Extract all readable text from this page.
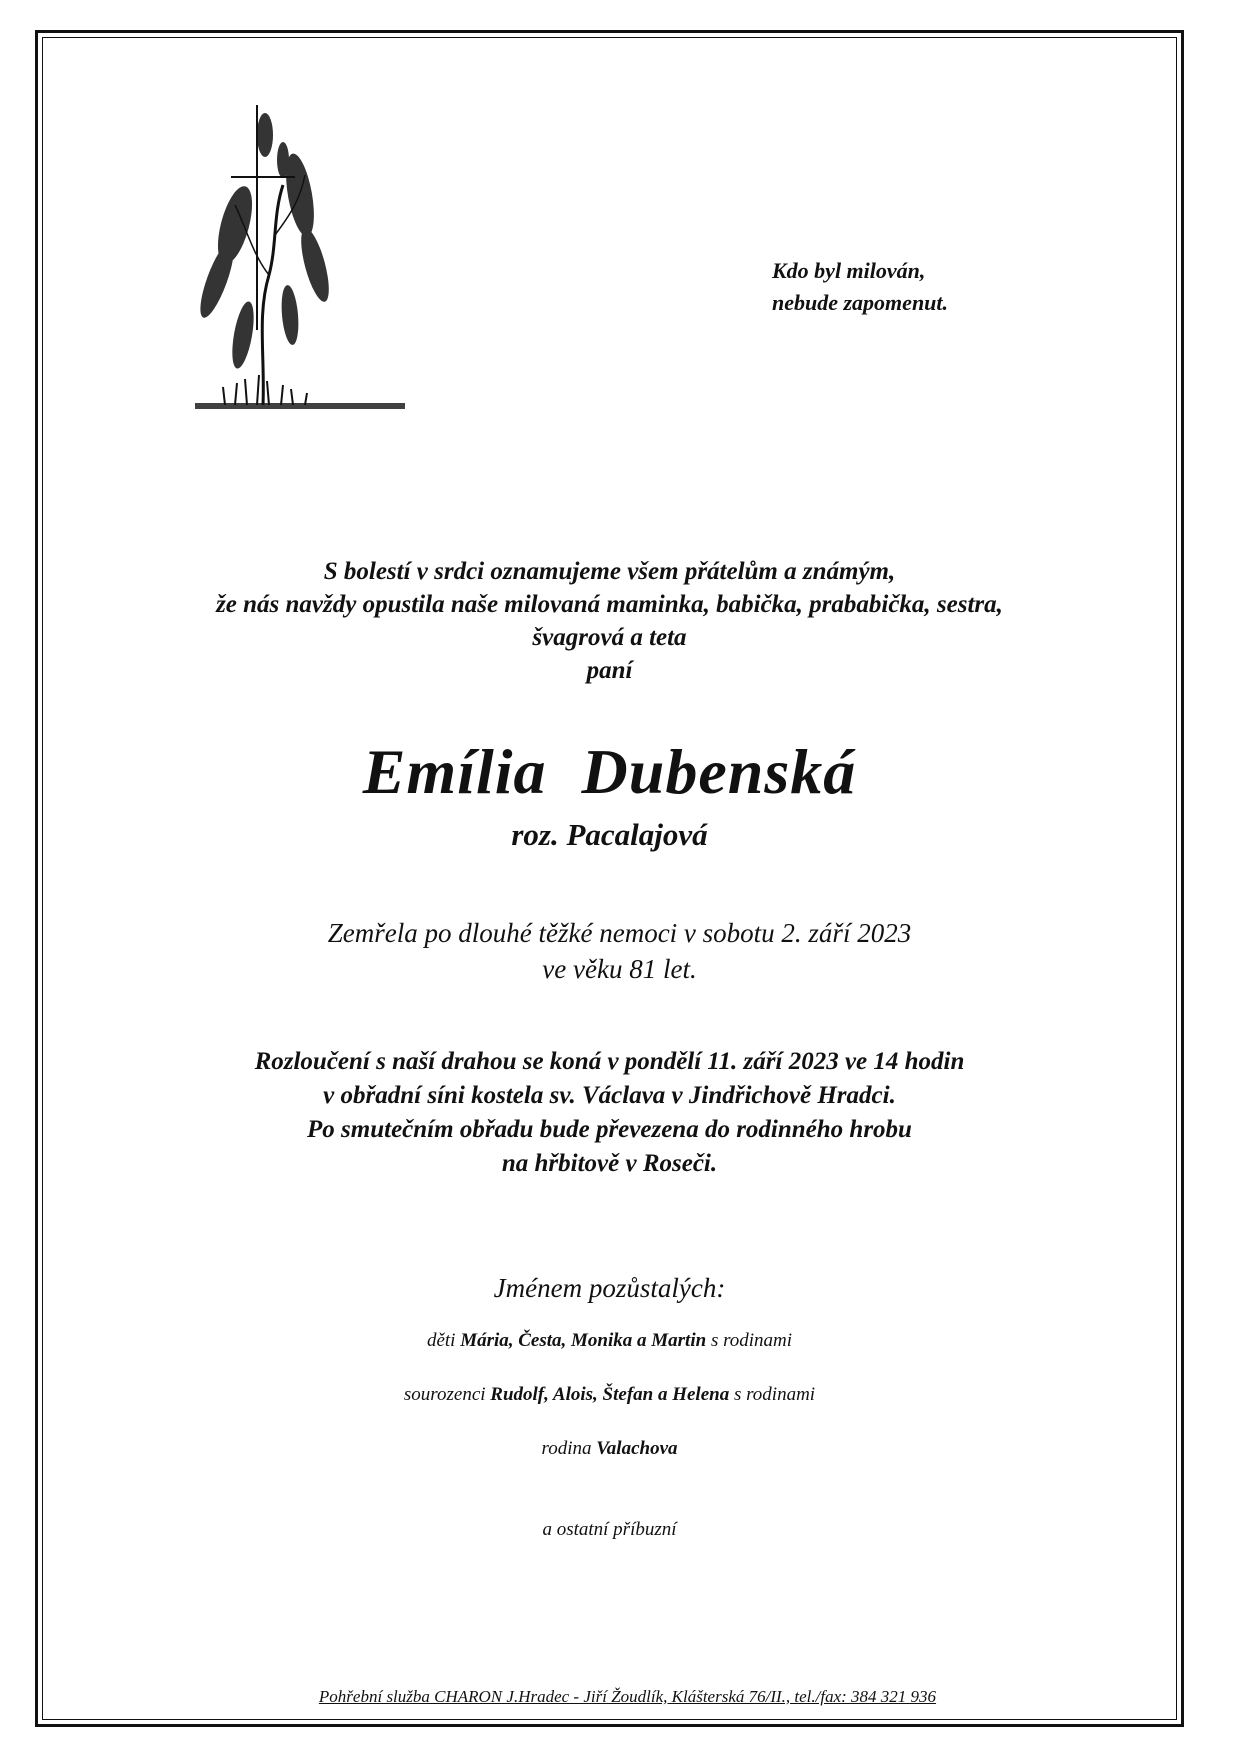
Kdo byl milován,
nebude zapomenut.
S bolestí v srdci oznamujeme všem přátelům a známým,
že nás navždy opustila naše milovaná maminka, babička, prababička, sestra,
švagrová a teta
paní
Emília Dubenská
roz. Pacalajová
Zemřela po dlouhé těžké nemoci v sobotu 2. září 2023
ve věku 81 let.
Rozloučení s naší drahou se koná v pondělí 11. září 2023 ve 14 hodin
v obřadní síni kostela sv. Václava v Jindřichově Hradci.
Po smutečním obřadu bude převezena do rodinného hrobu
na hřbitově v Roseči.
Jménem pozůstalých:
děti Mária, Česta, Monika a Martin s rodinami
sourozenci Rudolf, Alois, Štefan a Helena s rodinami
rodina Valachova
a ostatní příbuzní
Pohřební služba CHARON J.Hradec - Jiří Žoudlík, Klášterská 76/II., tel./fax: 384 321 936
